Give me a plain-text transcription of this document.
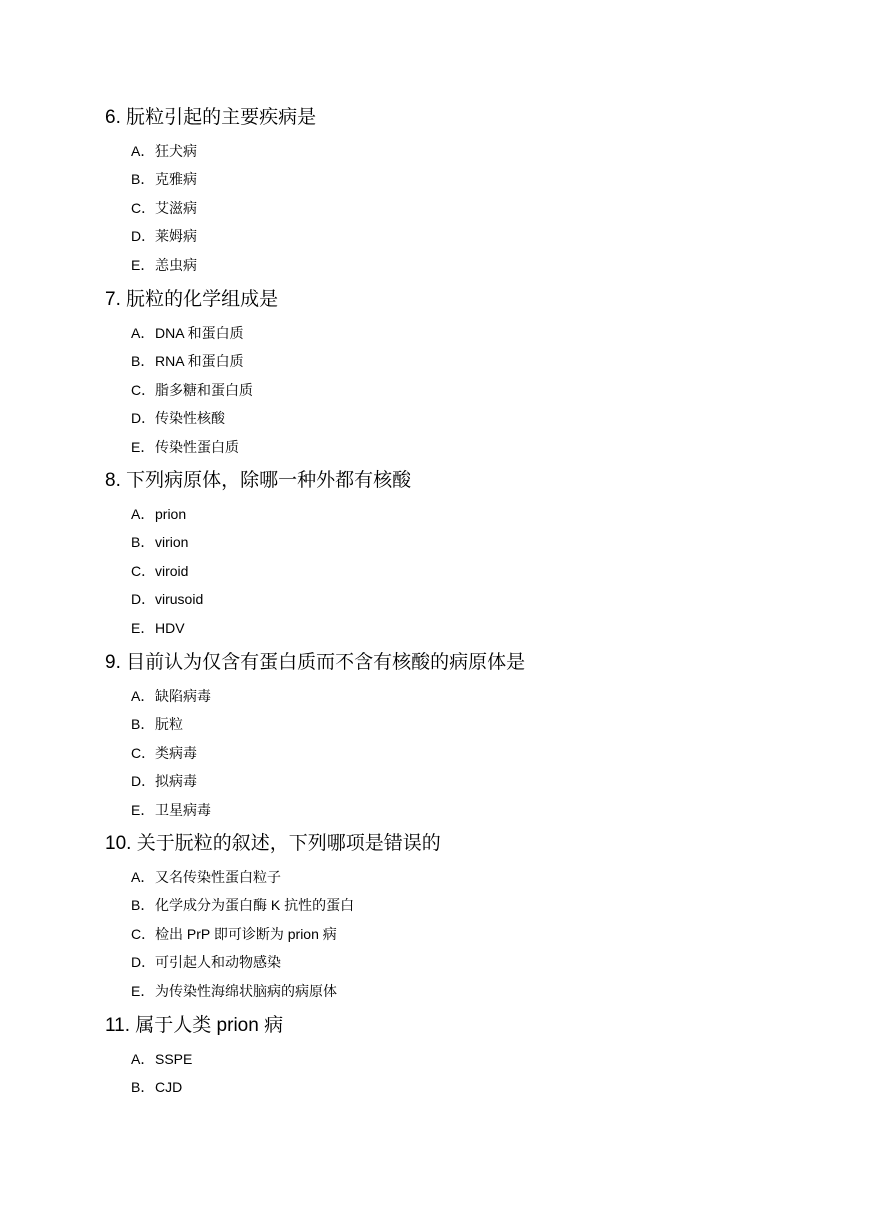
6. 朊粒引起的主要疾病是

A． 狂犬病
B． 克雅病
C． 艾滋病
D． 莱姆病
E． 恙虫病

7. 朊粒的化学组成是

A． DNA 和蛋白质
B． RNA 和蛋白质
C． 脂多糖和蛋白质
D． 传染性核酸
E． 传染性蛋白质

8. 下列病原体，除哪一种外都有核酸

A． prion
B． virion
C． viroid
D． virusoid
E． HDV

9. 目前认为仅含有蛋白质而不含有核酸的病原体是

A． 缺陷病毒
B． 朊粒
C． 类病毒
D． 拟病毒
E． 卫星病毒

10. 关于朊粒的叙述，下列哪项是错误的

A． 又名传染性蛋白粒子
B． 化学成分为蛋白酶 K 抗性的蛋白
C． 检出 PrP 即可诊断为 prion 病
D． 可引起人和动物感染
E． 为传染性海绵状脑病的病原体

11. 属于人类 prion 病

A． SSPE
B． CJD
